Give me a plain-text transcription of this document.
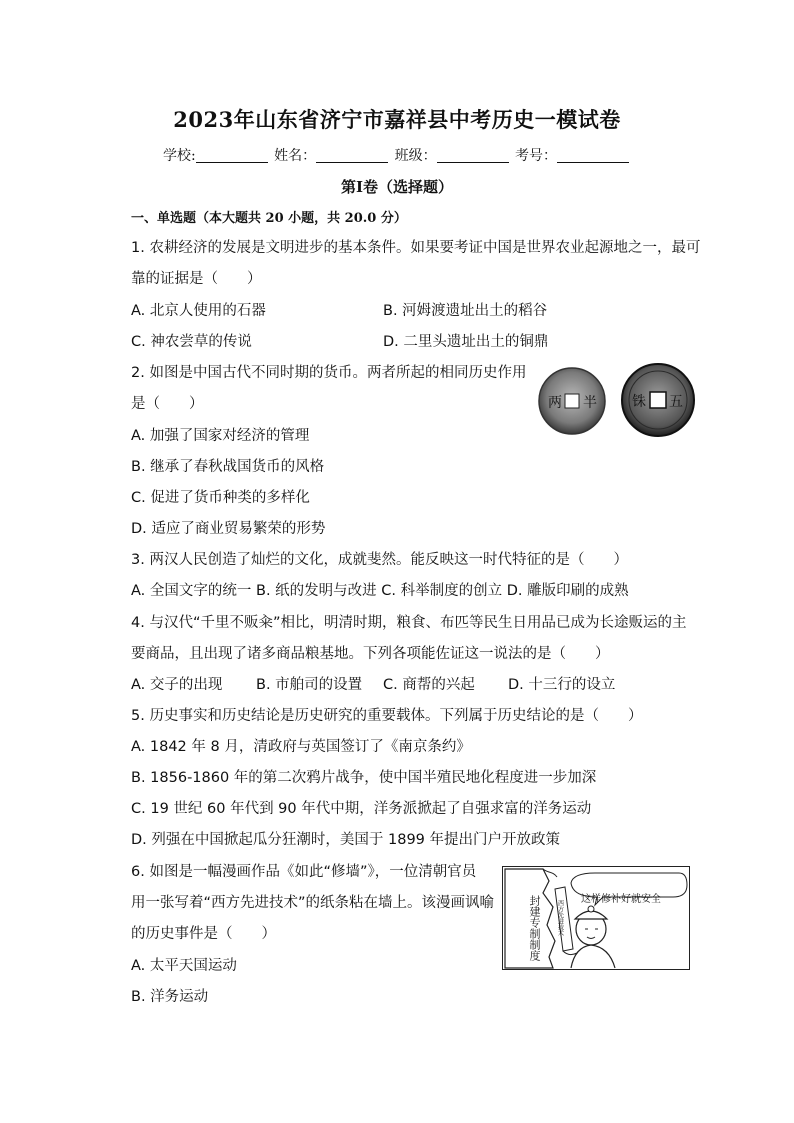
2023年山东省济宁市嘉祥县中考历史一模试卷
学校:	姓名：	班级：	考号：
第I卷（选择题）
一、单选题（本大题共 20 小题，共 20.0 分）
1. 农耕经济的发展是文明进步的基本条件。如果要考证中国是世界农业起源地之一，最可
靠的证据是（　　）
A. 北京人使用的石器	B. 河姆渡遗址出土的稻谷
C. 神农尝草的传说	D. 二里头遗址出土的铜鼎
2. 如图是中国古代不同时期的货币。两者所起的相同历史作用
是（　　）
A. 加强了国家对经济的管理
B. 继承了春秋战国货币的风格
C. 促进了货币种类的多样化
D. 适应了商业贸易繁荣的形势
两 半	铢 五
3. 两汉人民创造了灿烂的文化，成就斐然。能反映这一时代特征的是（　　）
A. 全国文字的统一 B. 纸的发明与改进 C. 科举制度的创立 D. 雕版印刷的成熟
4. 与汉代“千里不贩籴”相比，明清时期，粮食、布匹等民生日用品已成为长途贩运的主
要商品，且出现了诸多商品粮基地。下列各项能佐证这一说法的是（　　）
A. 交子的出现 B. 市舶司的设置 C. 商帮的兴起 D. 十三行的设立
5. 历史事实和历史结论是历史研究的重要载体。下列属于历史结论的是（　　）
A. 1842 年 8 月，清政府与英国签订了《南京条约》
B. 1856-1860 年的第二次鸦片战争，使中国半殖民地化程度进一步加深
C. 19 世纪 60 年代到 90 年代中期，洋务派掀起了自强求富的洋务运动
D. 列强在中国掀起瓜分狂潮时，美国于 1899 年提出门户开放政策
6. 如图是一幅漫画作品《如此“修墙”》，一位清朝官员
用一张写着“西方先进技术”的纸条粘在墙上。该漫画讽喻
的历史事件是（　　）
A. 太平天国运动
B. 洋务运动
西方先进技术
这样修补好就安全
封建专制制度
